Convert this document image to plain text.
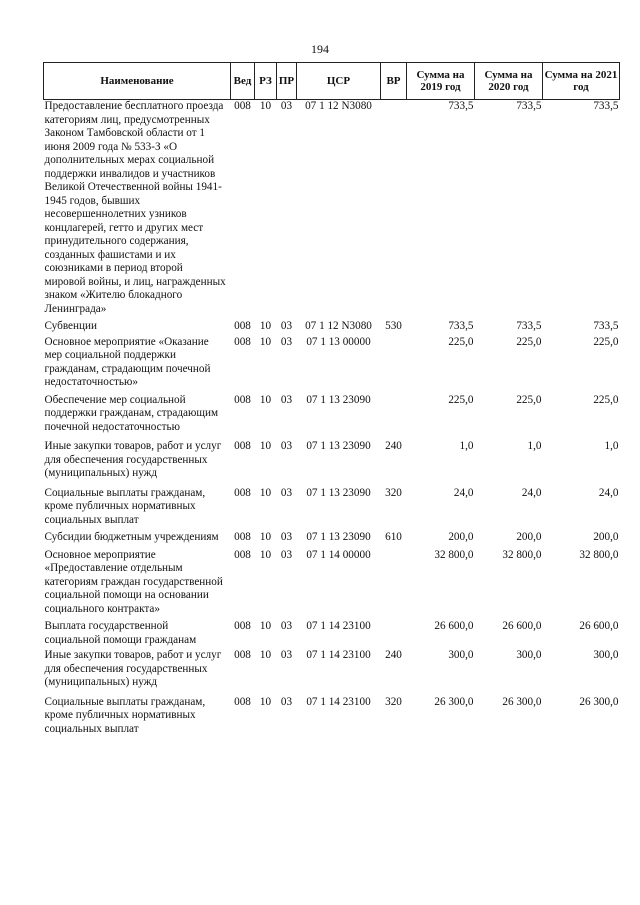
194
Наименование	Вед	РЗ	ПР	ЦСР	ВР	Сумма на 2019 год	Сумма на 2020 год	Сумма на 2021 год
Предоставление бесплатного проезда категориям лиц, предусмотренных Законом Тамбовской области от 1 июня 2009 года № 533-З «О дополнительных мерах социальной поддержки инвалидов и участников Великой Отечественной войны 1941-1945 годов, бывших несовершеннолетних узников концлагерей, гетто и других мест принудительного содержания, созданных фашистами и их союзниками в период второй мировой войны, и лиц, награжденных знаком «Жителю блокадного Ленинграда»	008	10	03	07 1 12 N3080		733,5	733,5	733,5
Субвенции	008	10	03	07 1 12 N3080	530	733,5	733,5	733,5
Основное мероприятие «Оказание мер социальной поддержки гражданам, страдающим почечной недостаточностью»	008	10	03	07 1 13 00000		225,0	225,0	225,0
Обеспечение мер социальной поддержки гражданам, страдающим почечной недостаточностью	008	10	03	07 1 13 23090		225,0	225,0	225,0
Иные закупки товаров, работ и услуг для обеспечения государственных (муниципальных) нужд	008	10	03	07 1 13 23090	240	1,0	1,0	1,0
Социальные выплаты гражданам, кроме публичных нормативных социальных выплат	008	10	03	07 1 13 23090	320	24,0	24,0	24,0
Субсидии бюджетным учреждениям	008	10	03	07 1 13 23090	610	200,0	200,0	200,0
Основное мероприятие «Предоставление отдельным категориям граждан государственной социальной помощи на основании социального контракта»	008	10	03	07 1 14 00000		32 800,0	32 800,0	32 800,0
Выплата государственной социальной помощи гражданам	008	10	03	07 1 14 23100		26 600,0	26 600,0	26 600,0
Иные закупки товаров, работ и услуг для обеспечения государственных (муниципальных) нужд	008	10	03	07 1 14 23100	240	300,0	300,0	300,0
Социальные выплаты гражданам, кроме публичных нормативных социальных выплат	008	10	03	07 1 14 23100	320	26 300,0	26 300,0	26 300,0
